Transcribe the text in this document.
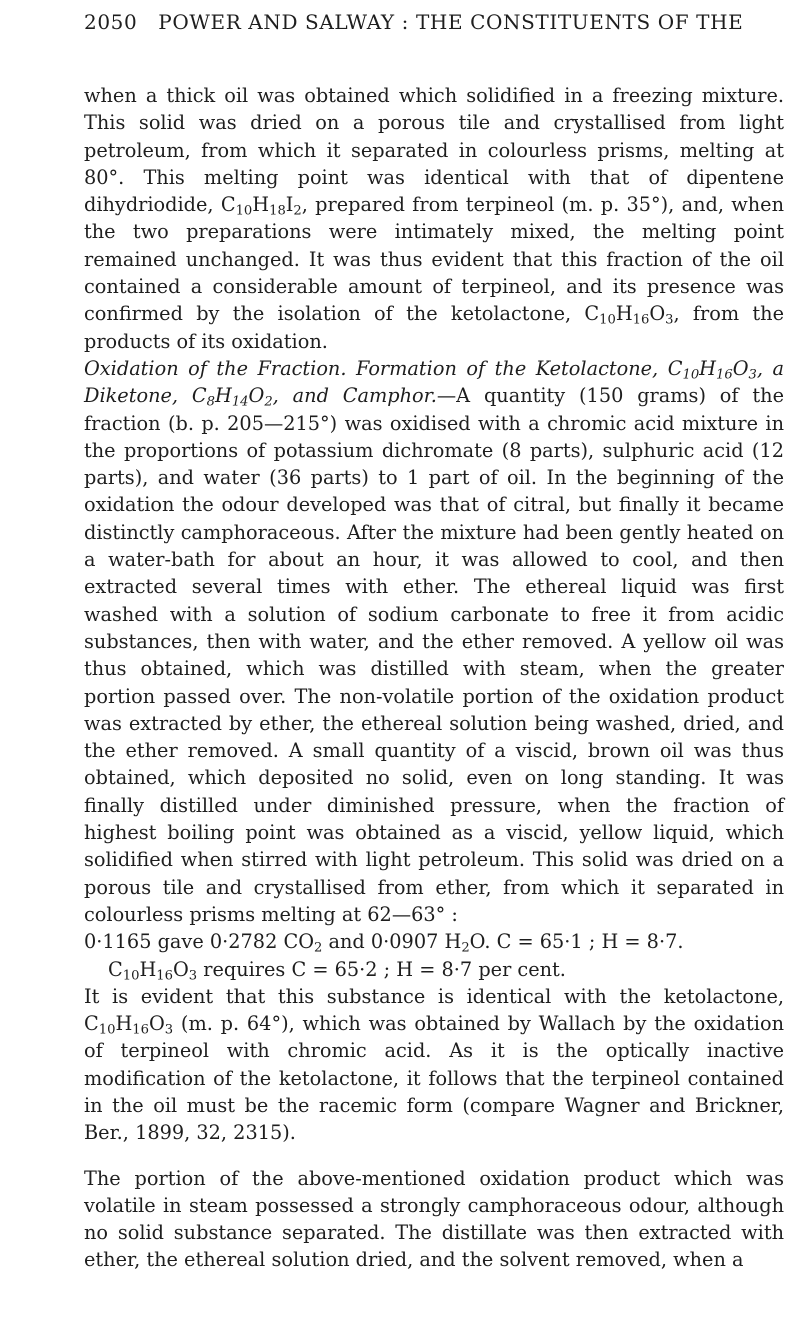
2050 POWER AND SALWAY : THE CONSTITUENTS OF THE

when a thick oil was obtained which solidified in a freezing mixture. This solid was dried on a porous tile and crystallised from light petroleum, from which it separated in colourless prisms, melting at 80°. This melting point was identical with that of dipentene dihydriodide, $C_{10}H_{18}I_2$, prepared from terpineol (m. p. 35°), and, when the two preparations were intimately mixed, the melting point remained unchanged. It was thus evident that this fraction of the oil contained a considerable amount of terpineol, and its presence was confirmed by the isolation of the ketolactone, $C_{10}H_{16}O_3$, from the products of its oxidation.

Oxidation of the Fraction. Formation of the Ketolactone, $C_{10}H_{16}O_3$, a Diketone, $C_8H_{14}O_2$, and Camphor.—A quantity (150 grams) of the fraction (b. p. 205—215°) was oxidised with a chromic acid mixture in the proportions of potassium dichromate (8 parts), sulphuric acid (12 parts), and water (36 parts) to 1 part of oil. In the beginning of the oxidation the odour developed was that of citral, but finally it became distinctly camphoraceous. After the mixture had been gently heated on a water-bath for about an hour, it was allowed to cool, and then extracted several times with ether. The ethereal liquid was first washed with a solution of sodium carbonate to free it from acidic substances, then with water, and the ether removed. A yellow oil was thus obtained, which was distilled with steam, when the greater portion passed over. The non-volatile portion of the oxidation product was extracted by ether, the ethereal solution being washed, dried, and the ether removed. A small quantity of a viscid, brown oil was thus obtained, which deposited no solid, even on long standing. It was finally distilled under diminished pressure, when the fraction of highest boiling point was obtained as a viscid, yellow liquid, which solidified when stirred with light petroleum. This solid was dried on a porous tile and crystallised from ether, from which it separated in colourless prisms melting at 62—63° :

0·1165 gave 0·2782 $CO_2$ and 0·0907 $H_2O$. C = 65·1 ; H = 8·7.

$C_{10}H_{16}O_3$ requires C = 65·2 ; H = 8·7 per cent.

It is evident that this substance is identical with the ketolactone, $C_{10}H_{16}O_3$ (m. p. 64°), which was obtained by Wallach by the oxidation of terpineol with chromic acid. As it is the optically inactive modification of the ketolactone, it follows that the terpineol contained in the oil must be the racemic form (compare Wagner and Brickner, Ber., 1899, 32, 2315).

The portion of the above-mentioned oxidation product which was volatile in steam possessed a strongly camphoraceous odour, although no solid substance separated. The distillate was then extracted with ether, the ethereal solution dried, and the solvent removed, when a
